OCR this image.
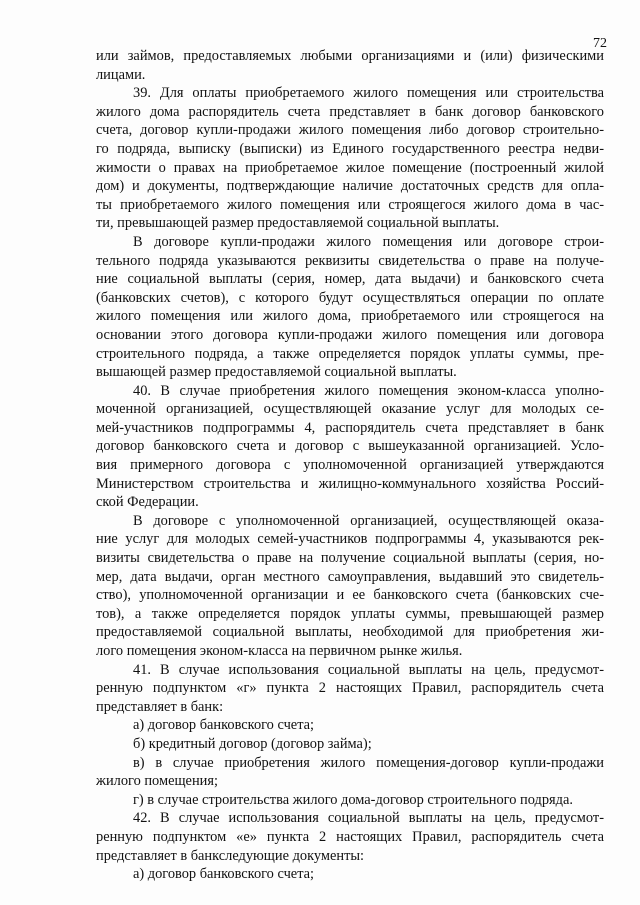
72
или займов, предоставляемых любыми организациями и (или) физическими
лицами.
39. Для оплаты приобретаемого жилого помещения или строительства
жилого дома распорядитель счета представляет в банк договор банковского
счета, договор купли-продажи жилого помещения либо договор строительно-
го подряда, выписку (выписки) из Единого государственного реестра недви-
жимости о правах на приобретаемое жилое помещение (построенный жилой
дом) и документы, подтверждающие наличие достаточных средств для опла-
ты приобретаемого жилого помещения или строящегося жилого дома в час-
ти, превышающей размер предоставляемой социальной выплаты.
В договоре купли-продажи жилого помещения или договоре строи-
тельного подряда указываются реквизиты свидетельства о праве на получе-
ние социальной выплаты (серия, номер, дата выдачи) и банковского счета
(банковских счетов), с которого будут осуществляться операции по оплате
жилого помещения или жилого дома, приобретаемого или строящегося на
основании этого договора купли-продажи жилого помещения или договора
строительного подряда, а также определяется порядок уплаты суммы, пре-
вышающей размер предоставляемой социальной выплаты.
40. В случае приобретения жилого помещения эконом-класса уполно-
моченной организацией, осуществляющей оказание услуг для молодых се-
мей-участников подпрограммы 4, распорядитель счета представляет в банк
договор банковского счета и договор с вышеуказанной организацией. Усло-
вия примерного договора с уполномоченной организацией утверждаются
Министерством строительства и жилищно-коммунального хозяйства Россий-
ской Федерации.
В договоре с уполномоченной организацией, осуществляющей оказа-
ние услуг для молодых семей-участников подпрограммы 4, указываются рек-
визиты свидетельства о праве на получение социальной выплаты (серия, но-
мер, дата выдачи, орган местного самоуправления, выдавший это свидетель-
ство), уполномоченной организации и ее банковского счета (банковских сче-
тов), а также определяется порядок уплаты суммы, превышающей размер
предоставляемой социальной выплаты, необходимой для приобретения жи-
лого помещения эконом-класса на первичном рынке жилья.
41. В случае использования социальной выплаты на цель, предусмот-
ренную подпунктом «г» пункта 2 настоящих Правил, распорядитель счета
представляет в банк:
а) договор банковского счета;
б) кредитный договор (договор займа);
в) в случае приобретения жилого помещения-договор купли-продажи
жилого помещения;
г) в случае строительства жилого дома-договор строительного подряда.
42. В случае использования социальной выплаты на цель, предусмот-
ренную подпунктом «е» пункта 2 настоящих Правил, распорядитель счета
представляет в банкследующие документы:
а) договор банковского счета;
